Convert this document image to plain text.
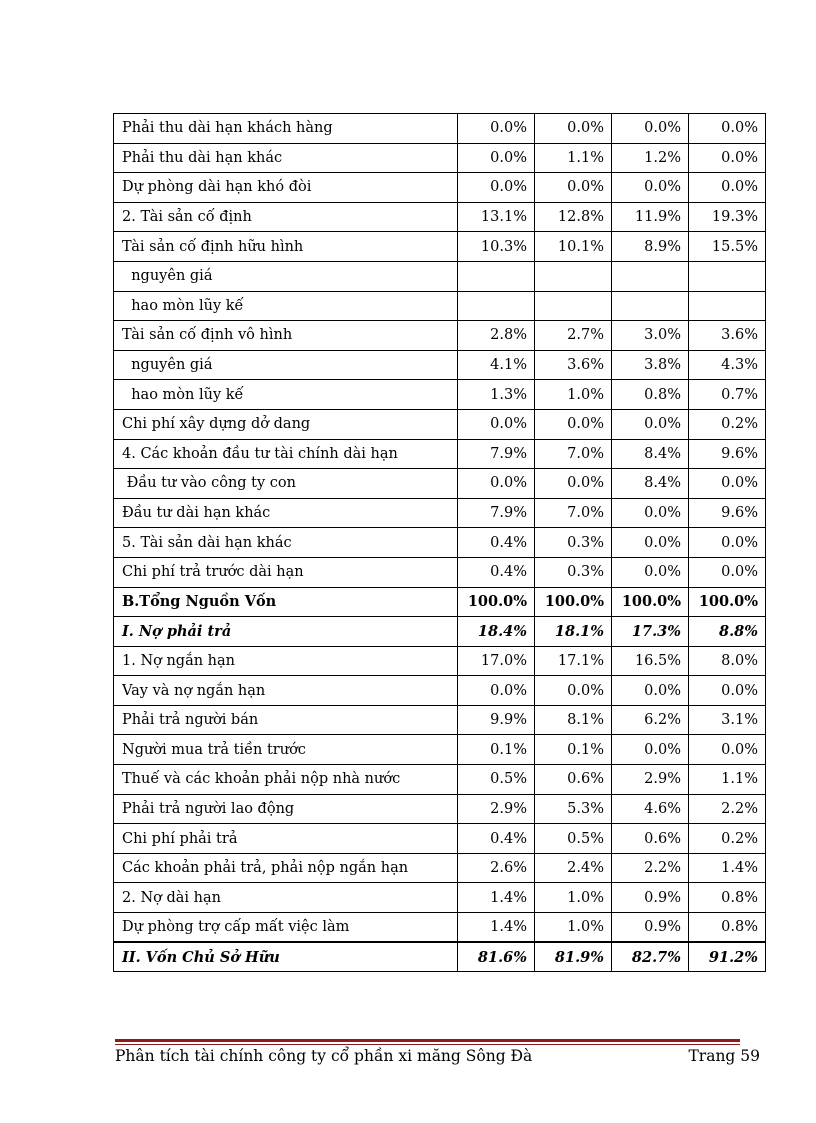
Phải thu dài hạn khách hàng	0.0%	0.0%	0.0%	0.0%
Phải thu dài hạn khác	0.0%	1.1%	1.2%	0.0%
Dự phòng dài hạn khó đòi	0.0%	0.0%	0.0%	0.0%
2. Tài sản cố định	13.1%	12.8%	11.9%	19.3%
Tài sản cố định hữu hình	10.3%	10.1%	8.9%	15.5%
nguyên giá				
hao mòn lũy kế				
Tài sản cố định vô hình	2.8%	2.7%	3.0%	3.6%
nguyên giá	4.1%	3.6%	3.8%	4.3%
hao mòn lũy kế	1.3%	1.0%	0.8%	0.7%
Chi phí xây dựng dở dang	0.0%	0.0%	0.0%	0.2%
4. Các khoản đầu tư tài chính dài hạn	7.9%	7.0%	8.4%	9.6%
Đầu tư vào công ty con	0.0%	0.0%	8.4%	0.0%
Đầu tư dài hạn khác	7.9%	7.0%	0.0%	9.6%
5. Tài sản dài hạn khác	0.4%	0.3%	0.0%	0.0%
Chi phí trả trước dài hạn	0.4%	0.3%	0.0%	0.0%
B.Tổng Nguồn Vốn	100.0%	100.0%	100.0%	100.0%
I. Nợ phải trả	18.4%	18.1%	17.3%	8.8%
1. Nợ ngắn hạn	17.0%	17.1%	16.5%	8.0%
Vay và nợ ngắn hạn	0.0%	0.0%	0.0%	0.0%
Phải trả người bán	9.9%	8.1%	6.2%	3.1%
Người mua trả tiền trước	0.1%	0.1%	0.0%	0.0%
Thuế và các khoản phải nộp nhà nước	0.5%	0.6%	2.9%	1.1%
Phải trả người lao động	2.9%	5.3%	4.6%	2.2%
Chi phí phải trả	0.4%	0.5%	0.6%	0.2%
Các khoản phải trả, phải nộp ngắn hạn	2.6%	2.4%	2.2%	1.4%
2. Nợ dài hạn	1.4%	1.0%	0.9%	0.8%
Dự phòng trợ cấp mất việc làm	1.4%	1.0%	0.9%	0.8%
II. Vốn Chủ Sở Hữu	81.6%	81.9%	82.7%	91.2%
Phân tích tài chính công ty cổ phần xi măng Sông Đà	Trang 59
